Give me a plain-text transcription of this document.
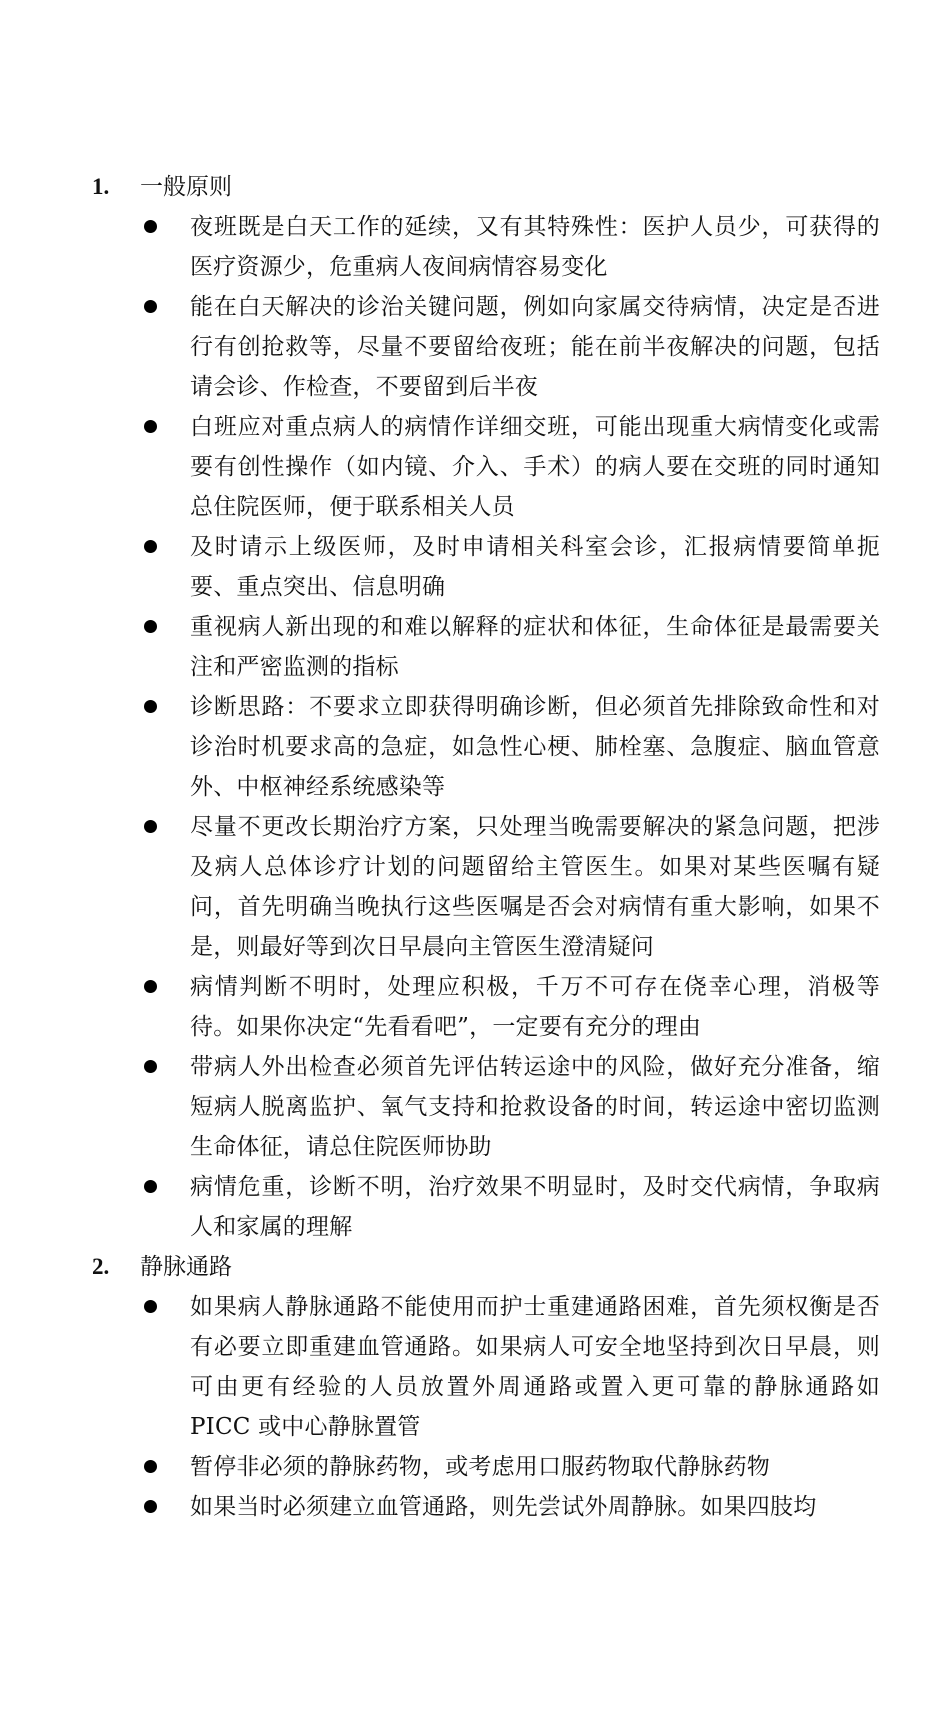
1.	一般原则
夜班既是白天工作的延续，又有其特殊性：医护人员少，可获得的医疗资源少，危重病人夜间病情容易变化
能在白天解决的诊治关键问题，例如向家属交待病情，决定是否进行有创抢救等，尽量不要留给夜班；能在前半夜解决的问题，包括请会诊、作检查，不要留到后半夜
白班应对重点病人的病情作详细交班，可能出现重大病情变化或需要有创性操作（如内镜、介入、手术）的病人要在交班的同时通知总住院医师，便于联系相关人员
及时请示上级医师，及时申请相关科室会诊，汇报病情要简单扼要、重点突出、信息明确
重视病人新出现的和难以解释的症状和体征，生命体征是最需要关注和严密监测的指标
诊断思路：不要求立即获得明确诊断，但必须首先排除致命性和对诊治时机要求高的急症，如急性心梗、肺栓塞、急腹症、脑血管意外、中枢神经系统感染等
尽量不更改长期治疗方案，只处理当晚需要解决的紧急问题，把涉及病人总体诊疗计划的问题留给主管医生。如果对某些医嘱有疑问，首先明确当晚执行这些医嘱是否会对病情有重大影响，如果不是，则最好等到次日早晨向主管医生澄清疑问
病情判断不明时，处理应积极，千万不可存在侥幸心理，消极等待。如果你决定“先看看吧”，一定要有充分的理由
带病人外出检查必须首先评估转运途中的风险，做好充分准备，缩短病人脱离监护、氧气支持和抢救设备的时间，转运途中密切监测生命体征，请总住院医师协助
病情危重，诊断不明，治疗效果不明显时，及时交代病情，争取病人和家属的理解
2.	静脉通路
如果病人静脉通路不能使用而护士重建通路困难，首先须权衡是否有必要立即重建血管通路。如果病人可安全地坚持到次日早晨，则可由更有经验的人员放置外周通路或置入更可靠的静脉通路如 PICC 或中心静脉置管
暂停非必须的静脉药物，或考虑用口服药物取代静脉药物
如果当时必须建立血管通路，则先尝试外周静脉。如果四肢均
